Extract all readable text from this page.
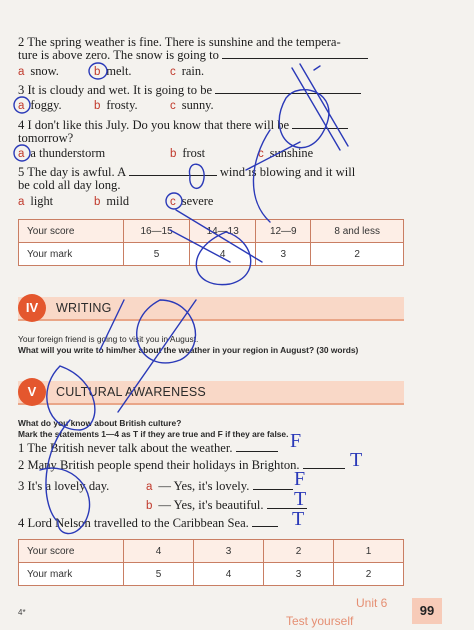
2 The spring weather is fine. There is sunshine and the tempera-
ture is above zero. The snow is going to
a snow.	b melt.	c rain.
3 It is cloudy and wet. It is going to be
a foggy.	b frosty.	c sunny.
4 I don't like this July. Do you know that there will be
tomorrow?
a a thunderstorm	b frost	c sunshine
5 The day is awful. A	wind is blowing and it will
be cold all day long.
a light	b mild	c severe
Your score	16—15	14—13	12—9	8 and less
Your mark	5	4	3	2
IV	WRITING
Your foreign friend is going to visit you in August.
What will you write to him/her about the weather in your region in August? (30 words)
V	CULTURAL AWARENESS
What do you know about British culture?
Mark the statements 1—4 as T if they are true and F if they are false.
1 The British never talk about the weather.
2 Many British people spend their holidays in Brighton.
3 It's a lovely day.	a — Yes, it's lovely.
b — Yes, it's beautiful.
4 Lord Nelson travelled to the Caribbean Sea.
Your score	4	3	2	1
Your mark	5	4	3	2
Unit 6
Test yourself
99
4*
F
T
F
T
T
